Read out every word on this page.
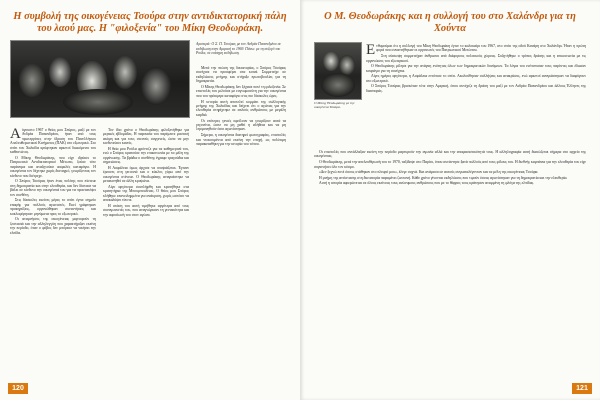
Η συμβολή της οικογένειας Τσούρα στην αντιδικτατορική πάλη του λαού μας. Η "φιλοξενία" του Μίκη Θεοδωράκη.
Αριστερά: Ο Σ. Π. Τσούρας με τον Ανδρέα Παπανδρέου σε εκδήλωση στην Αμερική το 1969. Πάνω: με τη συζυγό του Ρούλα, σε επίσημη εκδήλωση.

Αύγουστο 1967 ο θείος μου Σπύρος, μαζί με τον Ανδρέα Παπανδρέου, ήταν από τους πρωτεργάτες στην ίδρυση του Πανελλήνιου Απελευθερωτικού Κινήματος (ΠΑΚ) στο εξωτερικό. Στο σπίτι του Χαλκίδα κρύφτηκαν αρκετοί διωκόμενοι του καθεστώτος.

Ο Μίκης Θεοδωράκης, που είχε ιδρύσει το Πατριωτικό Αντιδικτατορικό Μέτωπο, ζούσε τότε παράνομα και αναζητούσε ασφαλές καταφύγιο. Η οικογένεια τον δέχτηκε χωρίς δισταγμό, γνωρίζοντας τον κίνδυνο που διέτρεχε.

Ο Σπύρος Τσούρας ήταν ένας πολίτης που πίστευε στη δημοκρατία και στην ελευθερία, και δεν δίστασε να βάλει σε κίνδυνο την οικογένειά του για να προστατέψει τον συνθέτη.

Στις δύσκολες εκείνες μέρες το σπίτι έγινε σημείο επαφής για πολλούς αγωνιστές. Εκεί γράφτηκαν προκηρύξεις, οργανώθηκαν συναντήσεις και κυκλοφόρησαν μηνύματα προς το εξωτερικό.

Οι αναμνήσεις της οικογένειας μαρτυρούν τη ζεστασιά και την αλληλεγγύη που χαρακτήριζαν εκείνη την περίοδο, όταν ο φόβος δεν μπόρεσε να νικήσει την ελπίδα.

Τον ίδιο χρόνο ο Θεοδωράκης φιλοξενήθηκε για μερικές εβδομάδες. Η παρουσία του παρέμεινε μυστική ακόμη και για τους στενούς συγγενείς, ώστε να μην κινδυνεύσει κανείς.

Η θεία μου Ρούλα φρόντιζε για τα καθημερινά του, ενώ ο Σπύρος κρατούσε την επικοινωνία με τα μέλη της οργάνωσης. Τα βράδια ο συνθέτης έγραφε τραγούδια και σημειώσεις.

Η Ασφάλεια όμως άρχισε να υποψιάζεται. Έγιναν έρευνες στη γειτονιά και ο κύκλος γύρω από την οικογένεια στένευε. Ο Θεοδωράκης αναγκάστηκε να μετακινηθεί σε άλλη κρυψώνα.

Λίγο αργότερα συνελήφθη και κρατήθηκε στα κρατητήρια της Μπουμπουλίνας. Ο θείος μου Σπύρος κλήθηκε επανειλημμένα για ανάκριση, χωρίς ωστόσο να αποκαλύψει τίποτε.

Η στάση του αυτή τιμήθηκε αργότερα από τους συναγωνιστές του, που αναγνώρισαν τη γενναιότητα και την αφοσίωσή του στον αγώνα.

Μετά την πτώση της δικτατορίας, ο Σπύρος Τσούρας συνέχισε να προσφέρει στα κοινά. Συμμετείχε σε εκδηλώσεις μνήμης και στήριξε πρωτοβουλίες για τη δημοκρατία.

Ο Μίκης Θεοδωράκης δεν ξέχασε ποτέ τη φιλοξενία. Σε επιστολές του μιλούσε με ευγνωμοσύνη για την οικογένεια που του πρόσφερε καταφύγιο στις πιο δύσκολες ώρες.

Η ιστορία αυτή αποτελεί κομμάτι της συλλογικής μνήμης της Χαλκίδας και δείχνει ότι ο αγώνας για την ελευθερία στηρίχτηκε σε απλούς ανθρώπους με μεγάλη καρδιά.

Οι νεότερες γενιές οφείλουν να γνωρίζουν αυτά τα γεγονότα, ώστε να μη χαθεί η αλήθεια και να μη λησμονηθούν όσοι αγωνίστηκαν.

Σήμερα, η οικογένεια διατηρεί φωτογραφίες, επιστολές και ντοκουμέντα από εκείνη την εποχή, ως πολύτιμη παρακαταθήκη για την ιστορία του τόπου.

120
Ο Μ. Θεοδωράκης και η συλλογή του στο Χαλάνδρι για τη Χούντα
Ο Μίκης Θεοδωράκης με την οικογένεια Τσούρα.

Ενθυμούμαι ότι η συλλογή του Μίκη Θεοδωράκη έγινε το καλοκαίρι του 1967, στο σπίτι της οδού Κανάρη στο Χαλάνδρι. Ήταν η πρώτη φορά που συναντήθηκαν οι οργανωτές του Πατριωτικού Μετώπου.

Στη σύσκεψη συμμετείχαν άνθρωποι από διάφορους πολιτικούς χώρους. Συζητήθηκε ο τρόπος δράσης και η επικοινωνία με τις οργανώσεις του εξωτερικού.

Ο Θεοδωράκης μίλησε για την ανάγκη ενότητας όλων των δημοκρατικών δυνάμεων. Τα λόγια του ενέπνευσαν τους παρόντες και έδωσαν κουράγιο για τη συνέχεια.

Λίγες ημέρες αργότερα, η Ασφάλεια εντόπισε το σπίτι. Ακολούθησαν συλλήψεις και ανακρίσεις, ενώ αρκετοί αναγκάστηκαν να διαφύγουν στο εξωτερικό.

Ο Σπύρος Τσούρας βρισκόταν τότε στην Αμερική, όπου συνέχιζε τη δράση του μαζί με τον Ανδρέα Παπανδρέου και άλλους Έλληνες της διασποράς.

Οι επιστολές που αντάλλαξαν εκείνη την περίοδο μαρτυρούν την αγωνία αλλά και την αποφασιστικότητά τους. Η αλληλογραφία αυτή διασώζεται σήμερα στο αρχείο της οικογένειας.

Ο Θεοδωράκης, μετά την απελευθέρωσή του το 1970, ταξίδεψε στο Παρίσι, όπου συνάντησε ξανά πολλούς από τους φίλους του. Η διεθνής καμπάνια για την ελευθερία του είχε συγκινήσει όλο τον κόσμο.

«Δεν ξεχνώ ποτέ όσους στάθηκαν στο πλευρό μου», έλεγε συχνά. Και ανάμεσα σε αυτούς συγκαταλέγονταν και τα μέλη της οικογένειας Τσούρα.

Η μνήμη της αντίστασης στη δικτατορία παραμένει ζωντανή. Κάθε χρόνο γίνονται εκδηλώσεις που τιμούν όσους αγωνίστηκαν για τη δημοκρατία και την ελευθερία.

Αυτή η ιστορία αφιερώνεται σε όλους εκείνους τους ανώνυμους ανθρώπους που με το θάρρος τους κράτησαν αναμμένη τη φλόγα της ελπίδας.

121
